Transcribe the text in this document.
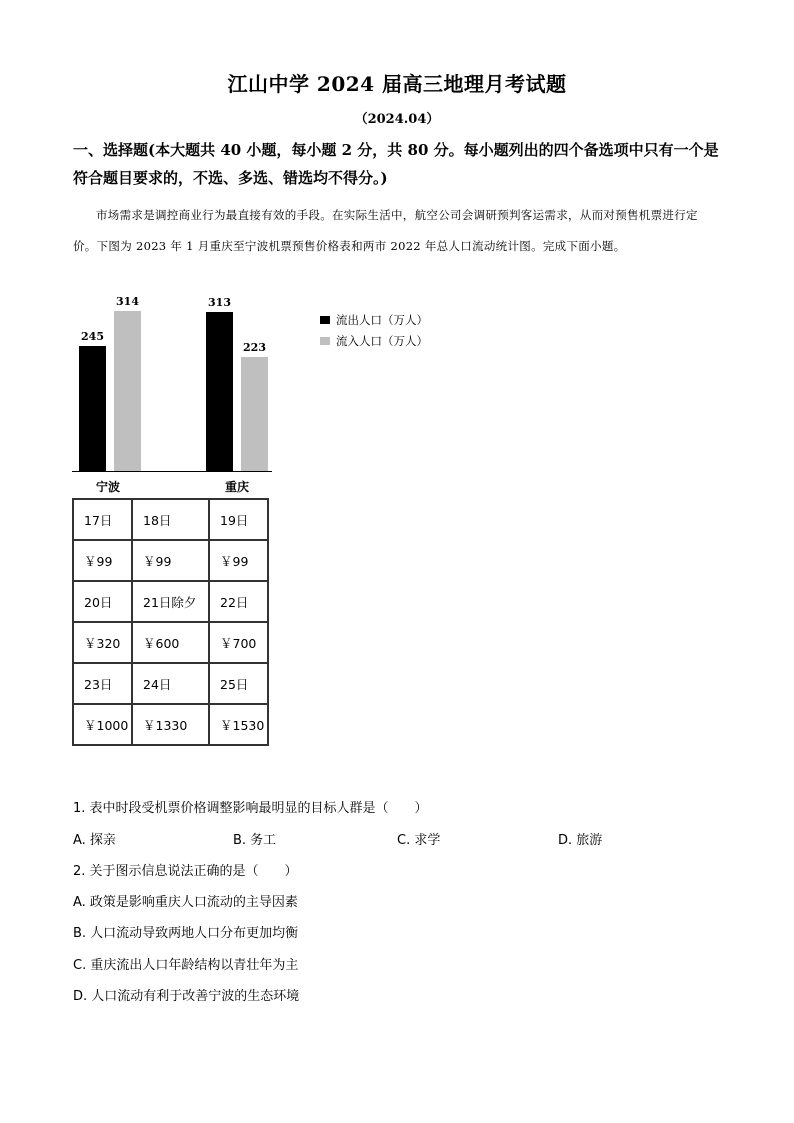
江山中学 2024 届高三地理月考试题
（2024.04）
一、选择题(本大题共 40 小题，每小题 2 分，共 80 分。每小题列出的四个备选项中只有一个是符合题目要求的，不选、多选、错选均不得分。)
市场需求是调控商业行为最直接有效的手段。在实际生活中，航空公司会调研预判客运需求，从而对预售机票进行定价。下图为 2023 年 1 月重庆至宁波机票预售价格表和两市 2022 年总人口流动统计图。完成下面小题。
流出人口（万人）
流入人口（万人）
宁波	重庆
245
314	313
223
17日	18日	19日
￥99	￥99	￥99
20日	21日除夕	22日
￥320	￥600	￥700
23日	24日	25日
￥1000	￥1330	￥1530
1. 表中时段受机票价格调整影响最明显的目标人群是（　　）
A. 探亲	B. 务工	C. 求学	D. 旅游
2. 关于图示信息说法正确的是（　　）
A. 政策是影响重庆人口流动的主导因素
B. 人口流动导致两地人口分布更加均衡
C. 重庆流出人口年龄结构以青壮年为主
D. 人口流动有利于改善宁波的生态环境
